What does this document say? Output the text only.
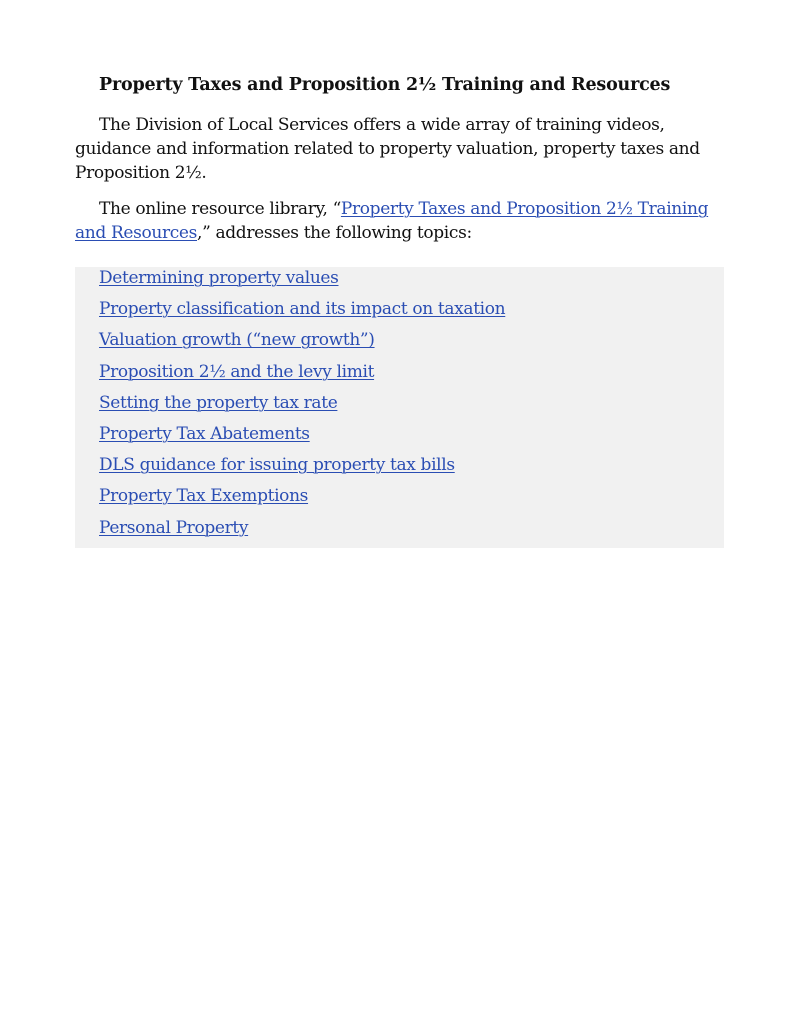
Property Taxes and Proposition 2½ Training and Resources

The Division of Local Services offers a wide array of training videos, guidance and information related to property valuation, property taxes and Proposition 2½.

The online resource library, “Property Taxes and Proposition 2½ Training and Resources,” addresses the following topics:

Determining property values
Property classification and its impact on taxation
Valuation growth (“new growth”)
Proposition 2½ and the levy limit
Setting the property tax rate
Property Tax Abatements
DLS guidance for issuing property tax bills
Property Tax Exemptions
Personal Property
